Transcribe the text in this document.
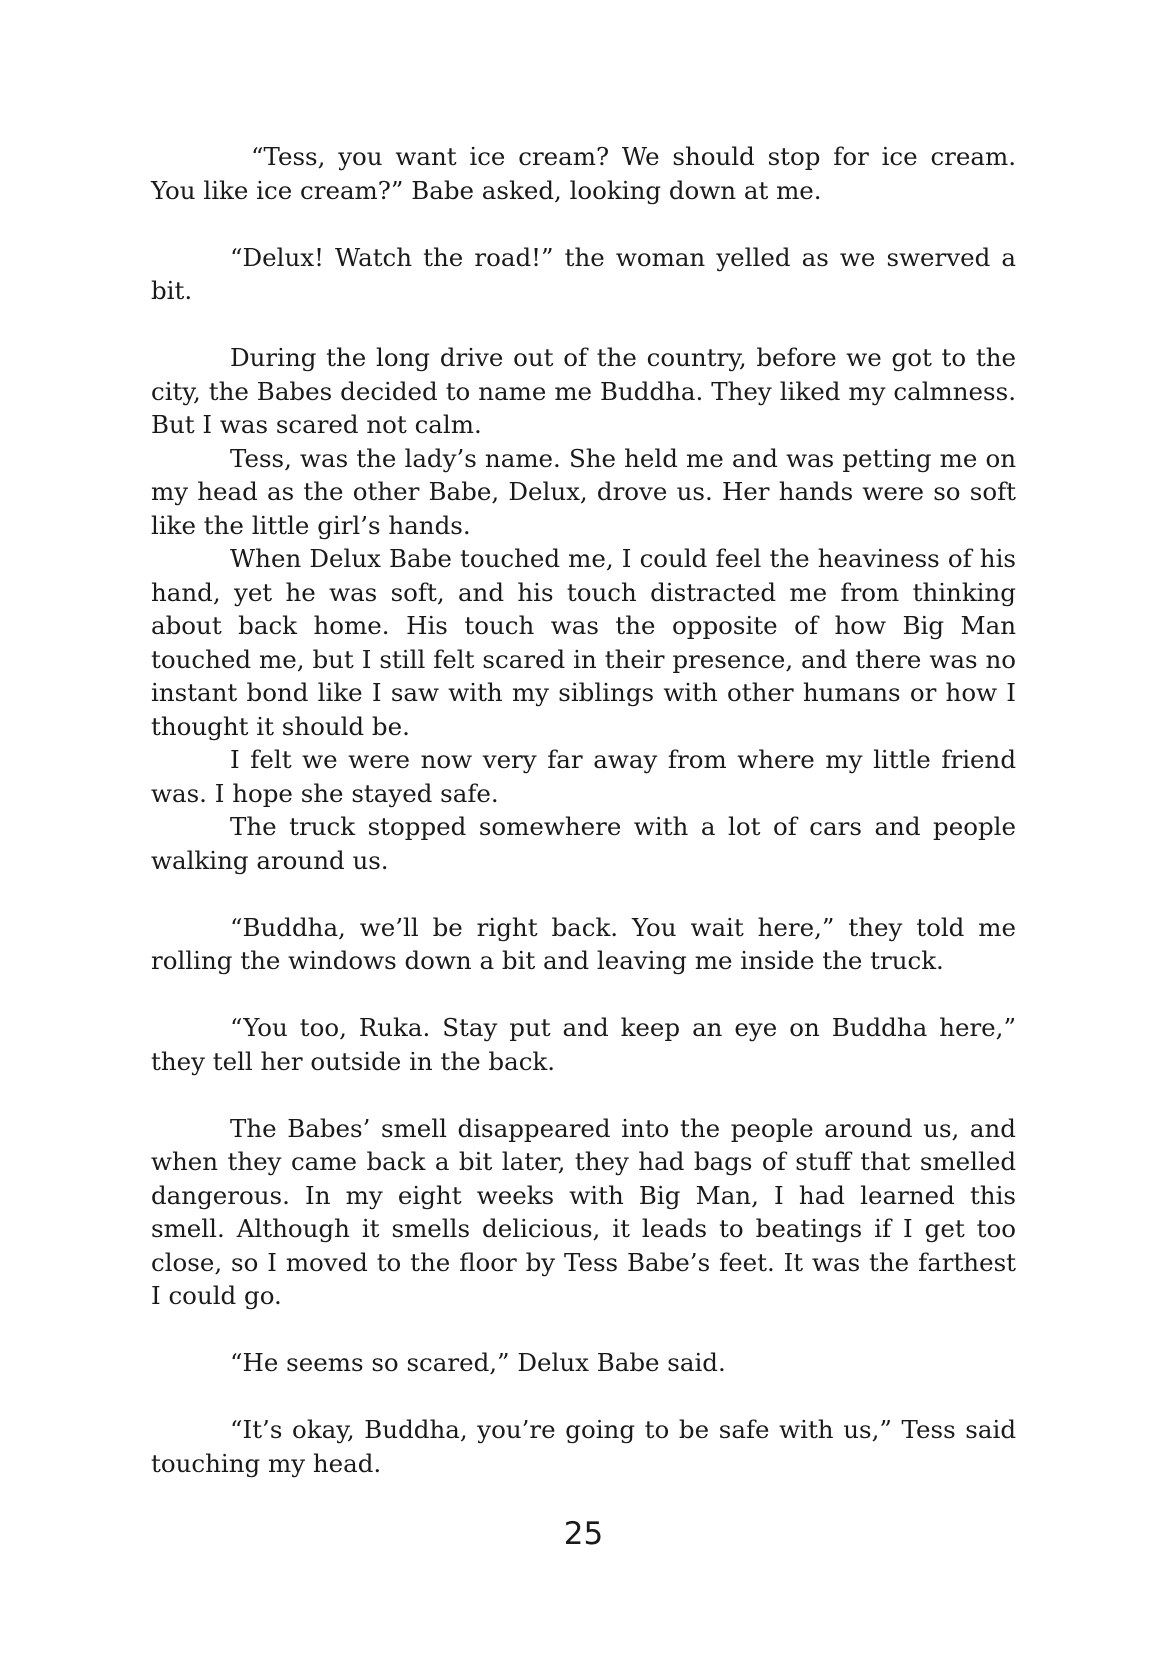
“Tess, you want ice cream? We should stop for ice cream. You like ice cream?” Babe asked, looking down at me.

“Delux! Watch the road!” the woman yelled as we swerved a bit.

During the long drive out of the country, before we got to the city, the Babes decided to name me Buddha. They liked my calmness. But I was scared not calm.

Tess, was the lady’s name. She held me and was petting me on my head as the other Babe, Delux, drove us. Her hands were so soft like the little girl’s hands.

When Delux Babe touched me, I could feel the heaviness of his hand, yet he was soft, and his touch distracted me from thinking about back home. His touch was the opposite of how Big Man touched me, but I still felt scared in their presence, and there was no instant bond like I saw with my siblings with other humans or how I thought it should be.

I felt we were now very far away from where my little friend was. I hope she stayed safe.

The truck stopped somewhere with a lot of cars and people walking around us.

“Buddha, we’ll be right back. You wait here,” they told me rolling the windows down a bit and leaving me inside the truck.

“You too, Ruka. Stay put and keep an eye on Buddha here,” they tell her outside in the back.

The Babes’ smell disappeared into the people around us, and when they came back a bit later, they had bags of stuff that smelled dangerous. In my eight weeks with Big Man, I had learned this smell. Although it smells delicious, it leads to beatings if I get too close, so I moved to the floor by Tess Babe’s feet. It was the farthest I could go.

“He seems so scared,” Delux Babe said.

“It’s okay, Buddha, you’re going to be safe with us,” Tess said touching my head.

25
